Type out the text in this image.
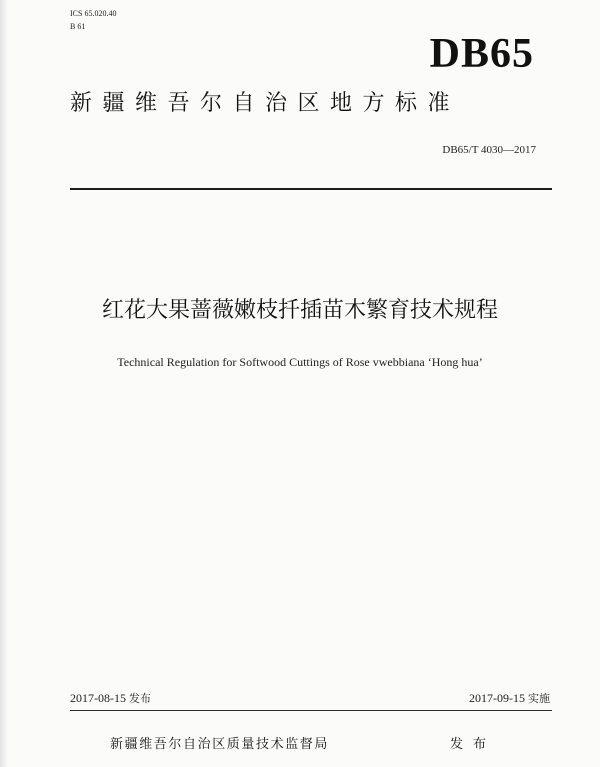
ICS 65.020.40
B 61
DB65
新疆维吾尔自治区地方标准
DB65/T 4030—2017
红花大果蔷薇嫩枝扦插苗木繁育技术规程
Technical Regulation for Softwood Cuttings of Rose vwebbiana ‘Hong hua’
2017-08-15 发布	2017-09-15 实施
新疆维吾尔自治区质量技术监督局	发布
